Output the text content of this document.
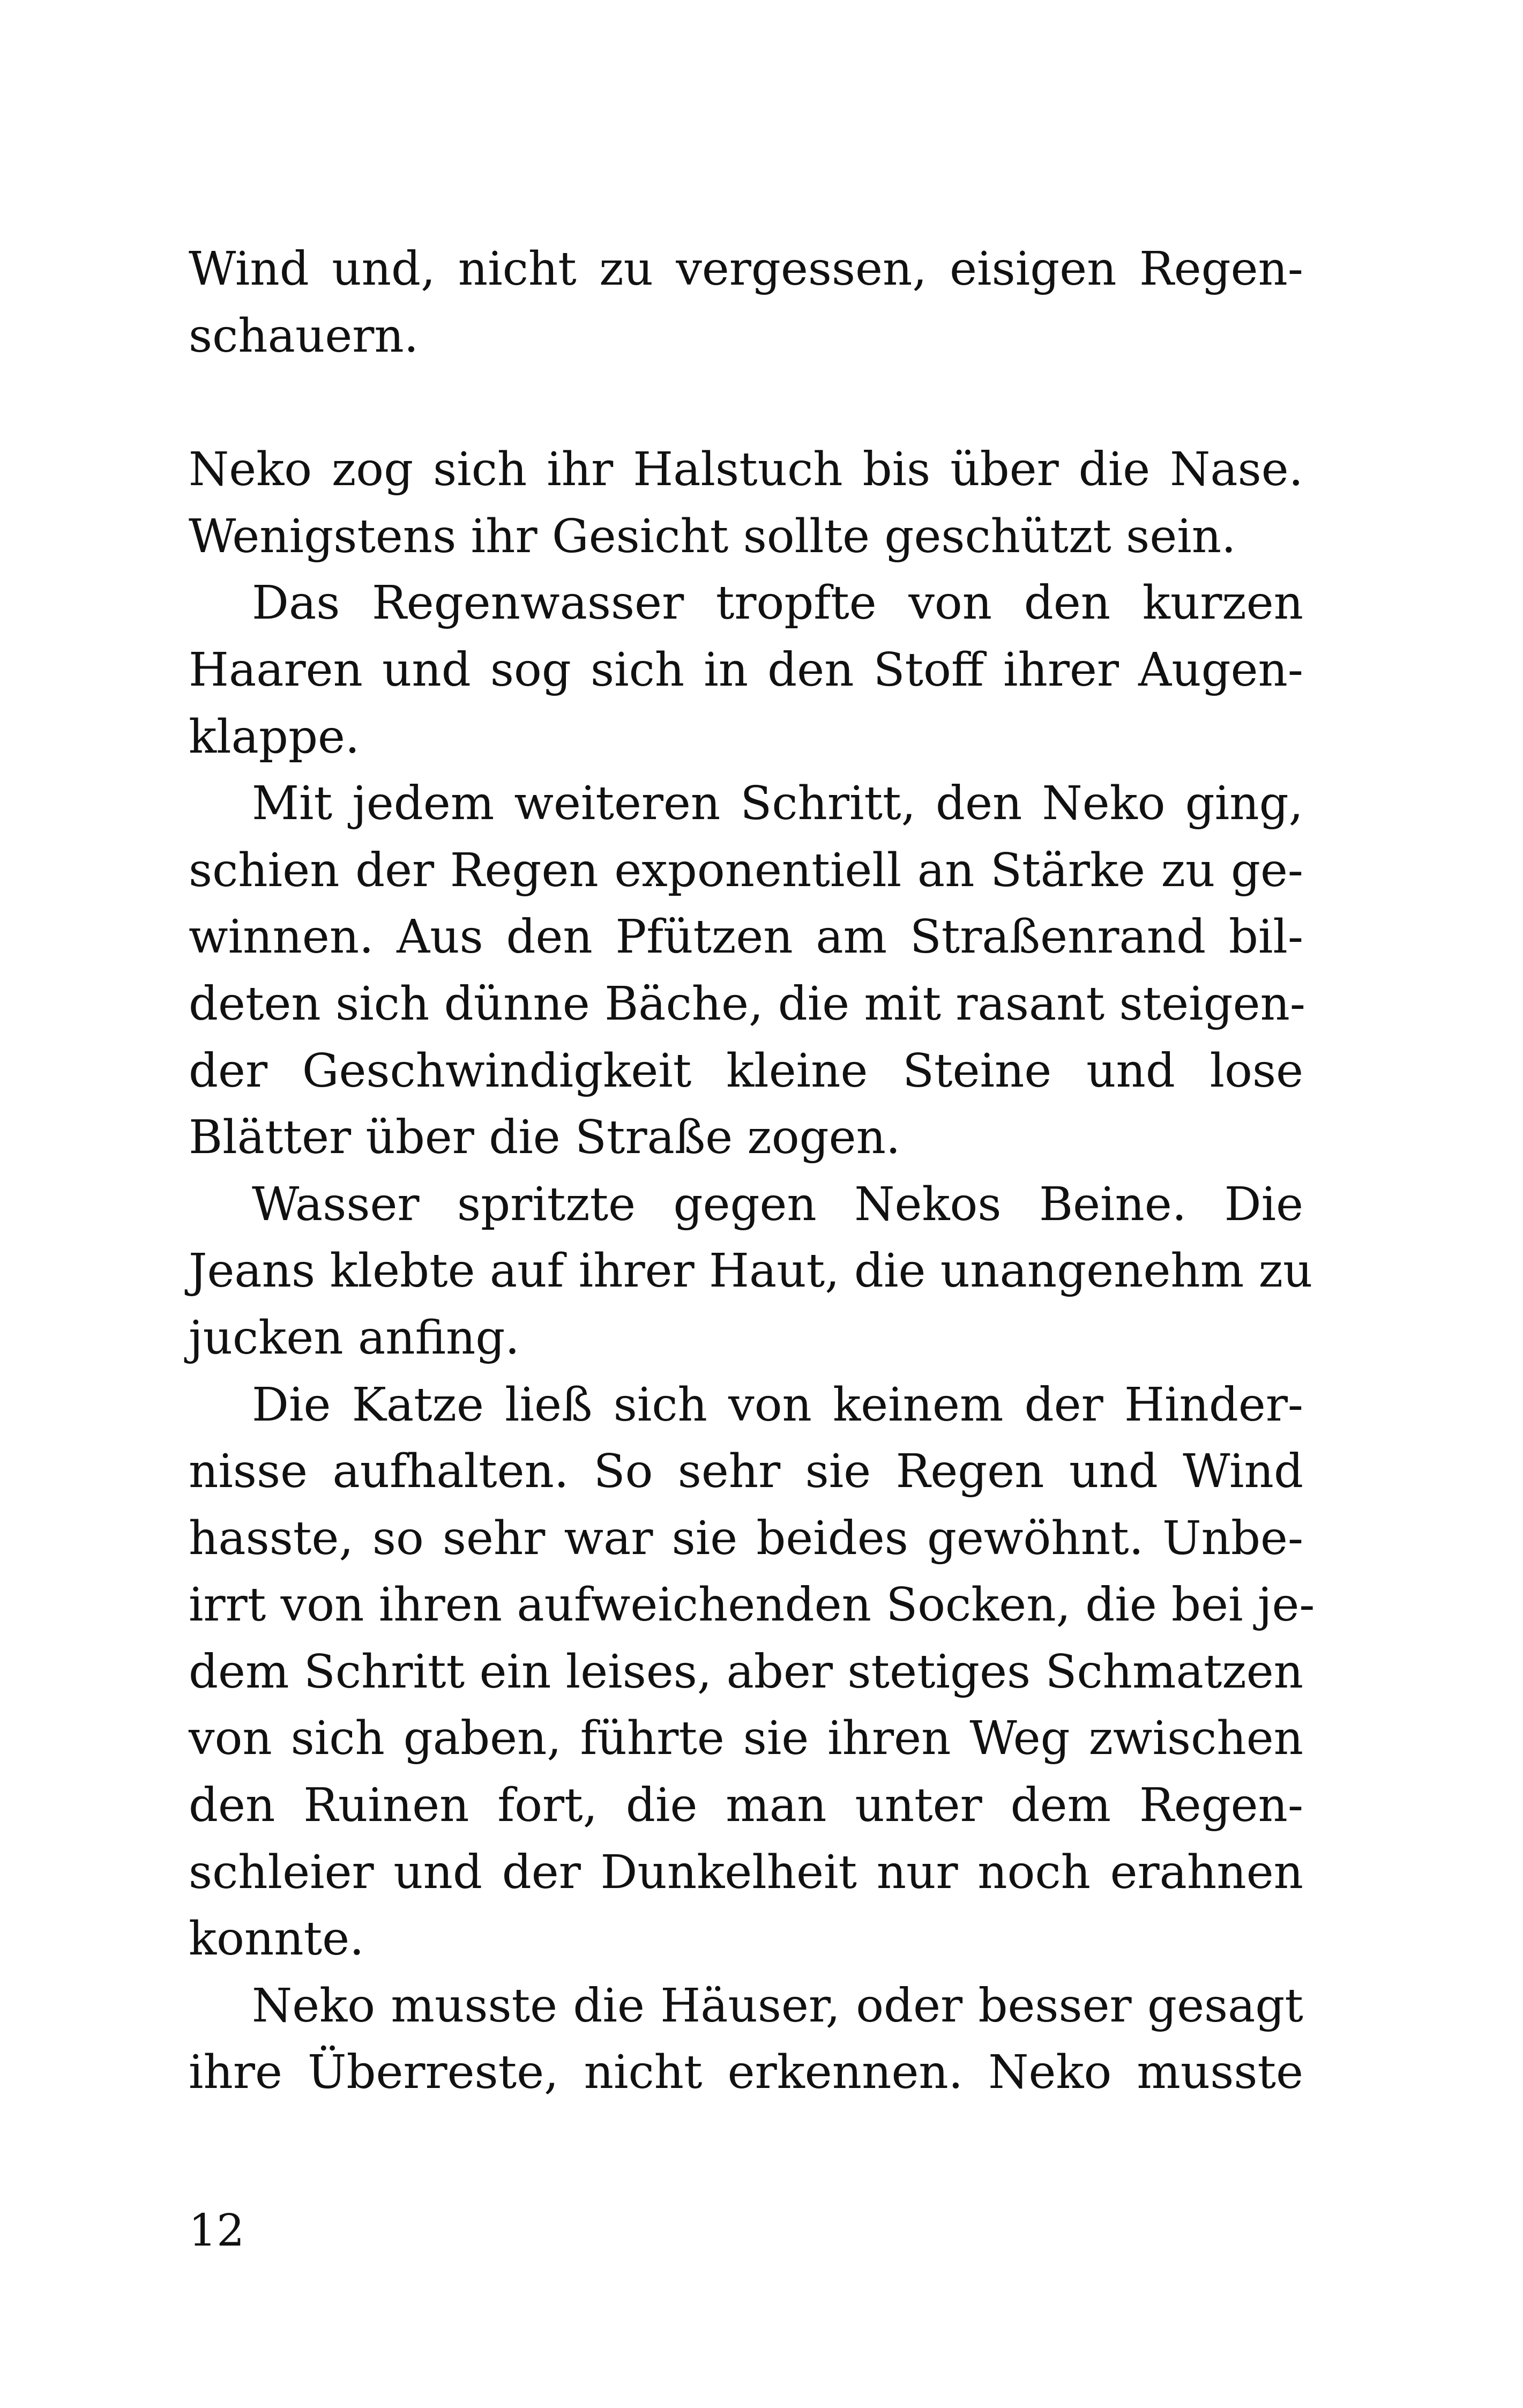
Wind und, nicht zu vergessen, eisigen Regen-
schauern.
Neko zog sich ihr Halstuch bis über die Nase.
Wenigstens ihr Gesicht sollte geschützt sein.
Das Regenwasser tropfte von den kurzen
Haaren und sog sich in den Stoff ihrer Augen-
klappe.
Mit jedem weiteren Schritt, den Neko ging,
schien der Regen exponentiell an Stärke zu ge-
winnen. Aus den Pfützen am Straßenrand bil-
deten sich dünne Bäche, die mit rasant steigen-
der Geschwindigkeit kleine Steine und lose
Blätter über die Straße zogen.
Wasser spritzte gegen Nekos Beine. Die
Jeans klebte auf ihrer Haut, die unangenehm zu
jucken anfing.
Die Katze ließ sich von keinem der Hinder-
nisse aufhalten. So sehr sie Regen und Wind
hasste, so sehr war sie beides gewöhnt. Unbe-
irrt von ihren aufweichenden Socken, die bei je-
dem Schritt ein leises, aber stetiges Schmatzen
von sich gaben, führte sie ihren Weg zwischen
den Ruinen fort, die man unter dem Regen-
schleier und der Dunkelheit nur noch erahnen
konnte.
Neko musste die Häuser, oder besser gesagt
ihre Überreste, nicht erkennen. Neko musste
12
